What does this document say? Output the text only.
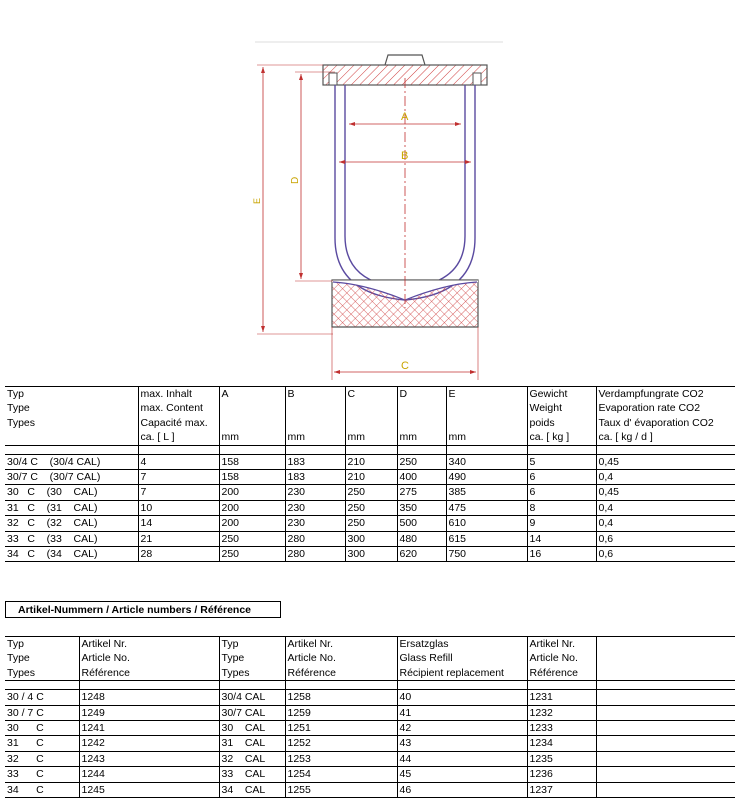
A
B
D
E
C
Typ	max. Inhalt	A	B	C	D	E	Gewicht	Verdampfungrate CO2
Type	max. Content						Weight	Evaporation rate CO2
Types	Capacité max.						poids	Taux d' évaporation CO2
	ca. [ L ]	mm	mm	mm	mm	mm	ca. [ kg ]	ca. [ kg / d ]

30/4 C    (30/4 CAL)	4	158	183	210	250	340	5	0,45
30/7 C    (30/7 CAL)	7	158	183	210	400	490	6	0,4
30   C    (30    CAL)	7	200	230	250	275	385	6	0,45
31   C    (31    CAL)	10	200	230	250	350	475	8	0,4
32   C    (32    CAL)	14	200	230	250	500	610	9	0,4
33   C    (33    CAL)	21	250	280	300	480	615	14	0,6
34   C    (34    CAL)	28	250	280	300	620	750	16	0,6
Artikel-Nummern / Article numbers / Référence
Typ	Artikel Nr.	Typ	Artikel Nr.	Ersatzglas	Artikel Nr.	
Type	Article No.	Type	Article No.	Glass Refill	Article No.	
Types	Référence	Types	Référence	Récipient replacement	Référence	

30 / 4 C	1248	30/4 CAL	1258	40	1231	
30 / 7 C	1249	30/7 CAL	1259	41	1232	
30      C	1241	30    CAL	1251	42	1233	
31      C	1242	31    CAL	1252	43	1234	
32      C	1243	32    CAL	1253	44	1235	
33      C	1244	33    CAL	1254	45	1236	
34      C	1245	34    CAL	1255	46	1237	
